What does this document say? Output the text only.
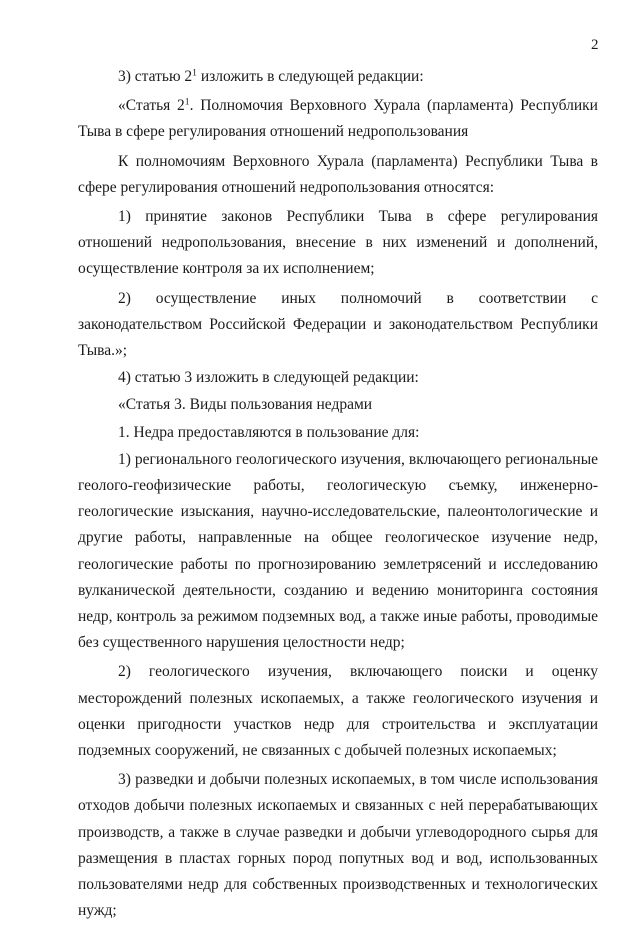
2

3) статью $2^1$ изложить в следующей редакции:

«Статья $2^1$. Полномочия Верховного Хурала (парламента) Республики Тыва в сфере регулирования отношений недропользования

К полномочиям Верховного Хурала (парламента) Республики Тыва в сфере регулирования отношений недропользования относятся:

1) принятие законов Республики Тыва в сфере регулирования отношений недропользования, внесение в них изменений и дополнений, осуществление контроля за их исполнением;

2) осуществление иных полномочий в соответствии с законодательством Российской Федерации и законодательством Республики Тыва.»;

4) статью 3 изложить в следующей редакции:

«Статья 3. Виды пользования недрами

1. Недра предоставляются в пользование для:

1) регионального геологического изучения, включающего региональные геолого-геофизические работы, геологическую съемку, инженерно-геологические изыскания, научно-исследовательские, палеонтологические и другие работы, направленные на общее геологическое изучение недр, геологические работы по прогнозированию землетрясений и исследованию вулканической деятельности, созданию и ведению мониторинга состояния недр, контроль за режимом подземных вод, а также иные работы, проводимые без существенного нарушения целостности недр;

2) геологического изучения, включающего поиски и оценку месторождений полезных ископаемых, а также геологического изучения и оценки пригодности участков недр для строительства и эксплуатации подземных сооружений, не связанных с добычей полезных ископаемых;

3) разведки и добычи полезных ископаемых, в том числе использования отходов добычи полезных ископаемых и связанных с ней перерабатывающих производств, а также в случае разведки и добычи углеводородного сырья для размещения в пластах горных пород попутных вод и вод, использованных пользователями недр для собственных производственных и технологических нужд;
